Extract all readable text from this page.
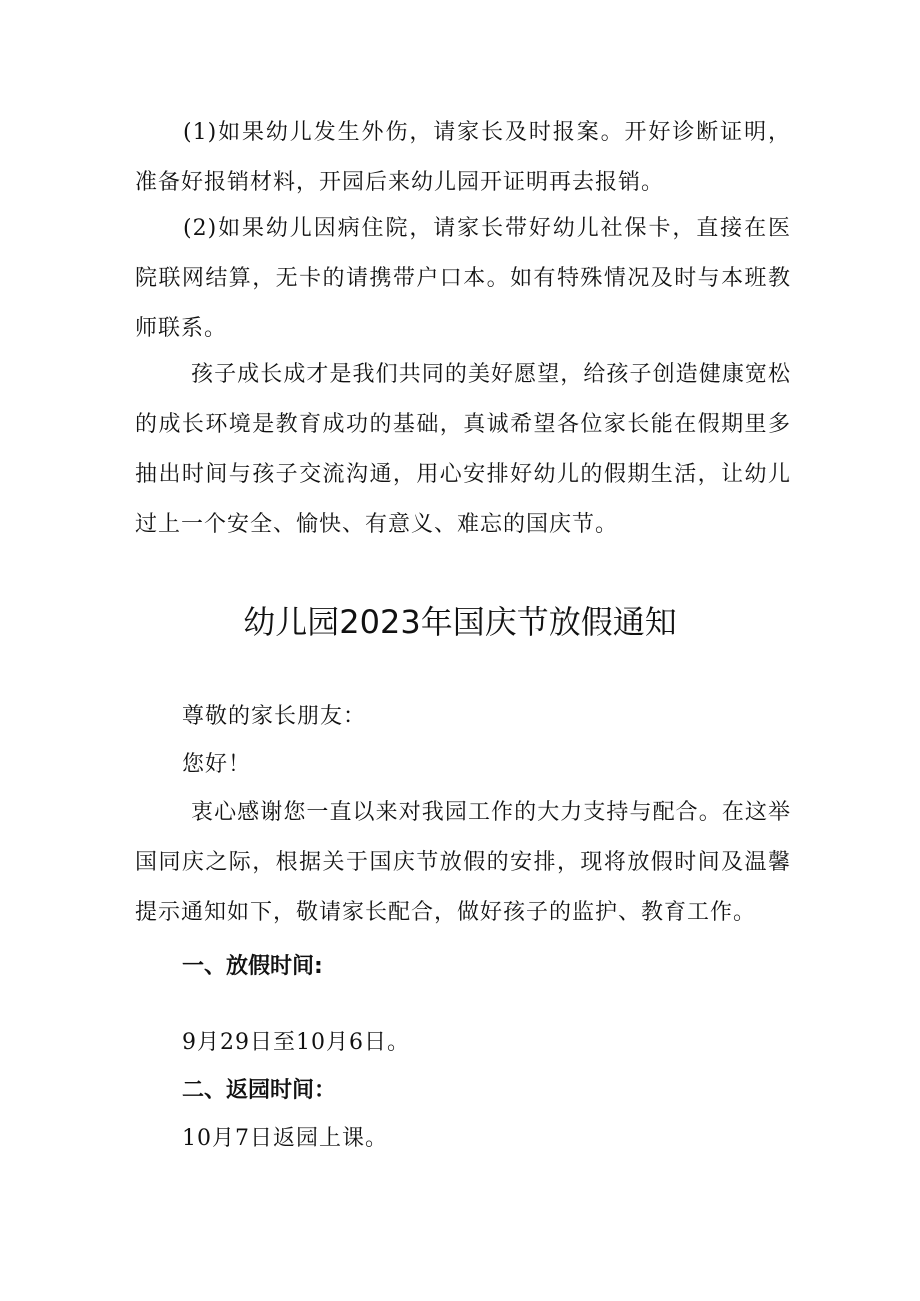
(1)如果幼儿发生外伤，请家长及时报案。开好诊断证明，准备好报销材料，开园后来幼儿园开证明再去报销。

(2)如果幼儿因病住院，请家长带好幼儿社保卡，直接在医院联网结算，无卡的请携带户口本。如有特殊情况及时与本班教师联系。

孩子成长成才是我们共同的美好愿望，给孩子创造健康宽松的成长环境是教育成功的基础，真诚希望各位家长能在假期里多抽出时间与孩子交流沟通，用心安排好幼儿的假期生活，让幼儿过上一个安全、愉快、有意义、难忘的国庆节。

幼儿园2023年国庆节放假通知

尊敬的家长朋友：

您好！

衷心感谢您一直以来对我园工作的大力支持与配合。在这举国同庆之际，根据关于国庆节放假的安排，现将放假时间及温馨提示通知如下，敬请家长配合，做好孩子的监护、教育工作。

一、放假时间:

9月29日至10月6日。

二、返园时间：

10月7日返园上课。
